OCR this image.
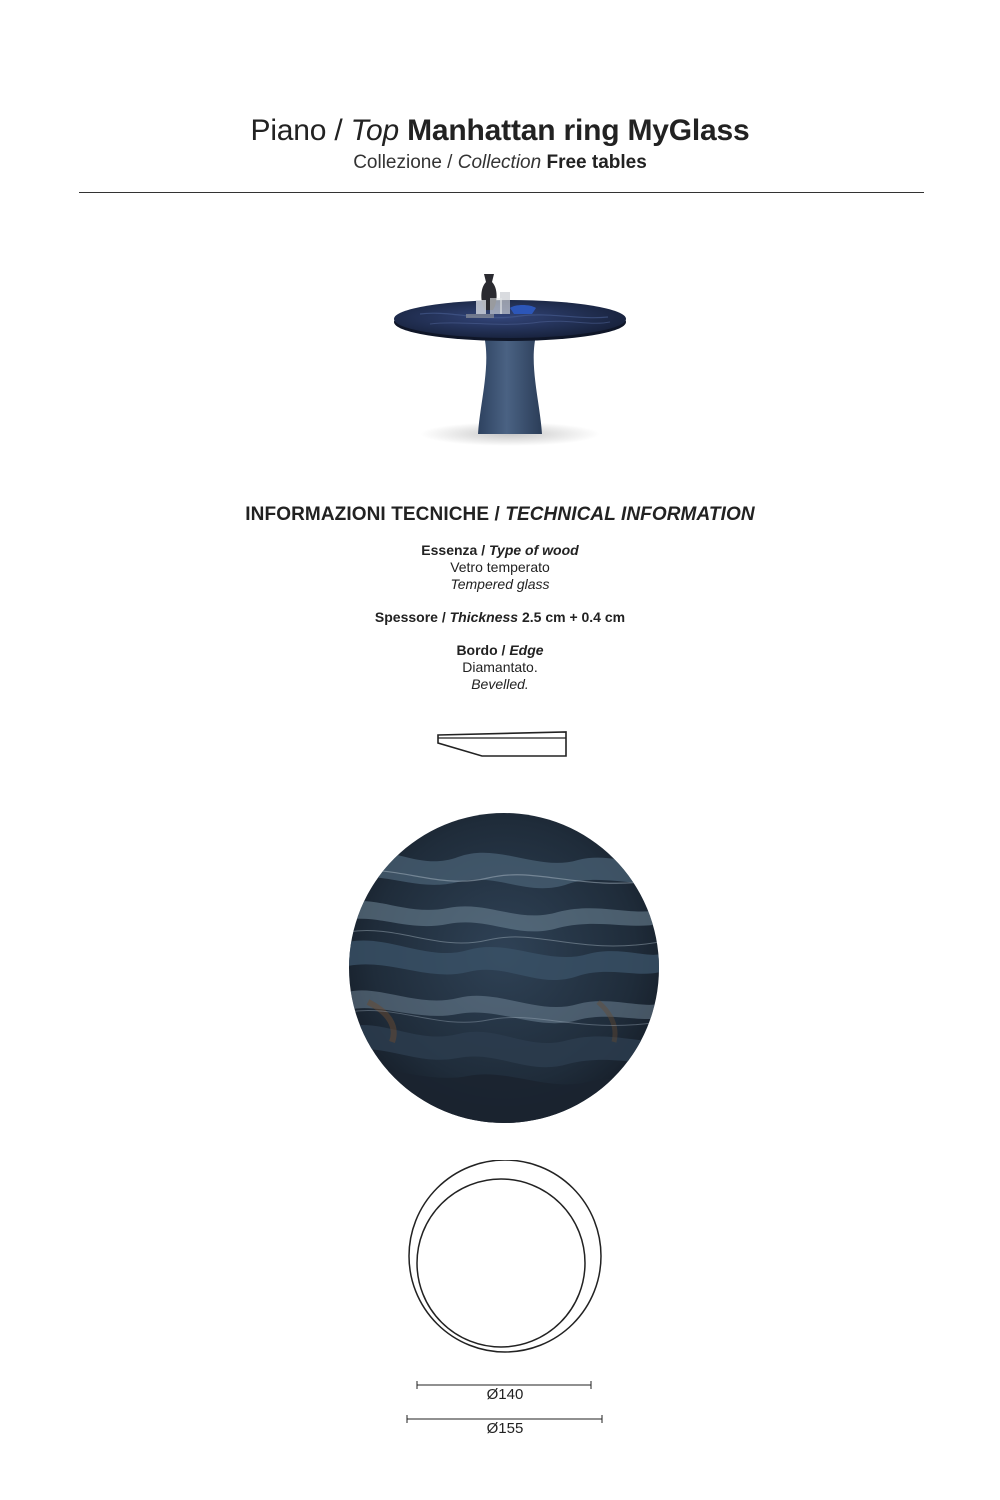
Piano / Top Manhattan ring MyGlass
Collezione / Collection Free tables
INFORMAZIONI TECNICHE / TECHNICAL INFORMATION
Essenza / Type of wood
Vetro temperato
Tempered glass
Spessore / Thickness 2.5 cm + 0.4 cm
Bordo / Edge
Diamantato.
Bevelled.
Ø140
Ø155
